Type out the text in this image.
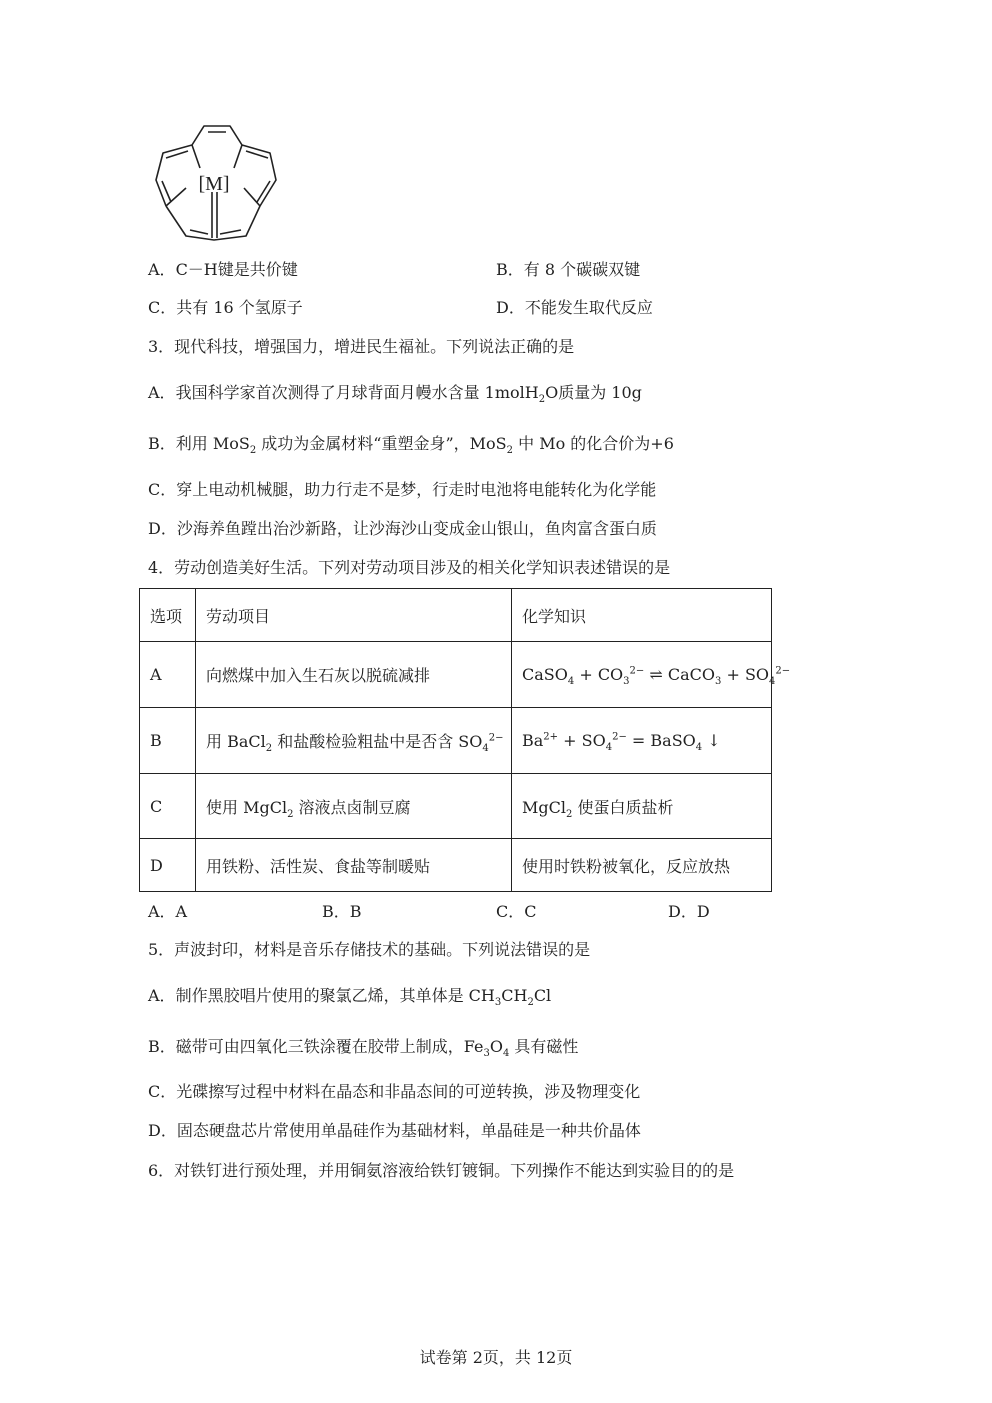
[M]
A．C－H键是共价键	B．有 8 个碳碳双键
C．共有 16 个氢原子	D．不能发生取代反应
3．现代科技，增强国力，增进民生福祉。下列说法正确的是
A．我国科学家首次测得了月球背面月幔水含量 1molH$_2$O质量为 10g
B．利用 MoS$_2$ 成功为金属材料“重塑金身”，MoS$_2$ 中 Mo 的化合价为+6
C．穿上电动机械腿，助力行走不是梦，行走时电池将电能转化为化学能
D．沙海养鱼蹚出治沙新路，让沙海沙山变成金山银山，鱼肉富含蛋白质
4．劳动创造美好生活。下列对劳动项目涉及的相关化学知识表述错误的是
选项	劳动项目	化学知识
A	向燃煤中加入生石灰以脱硫减排	CaSO$_4$ + $CO_3^{2-}$ ⇌ CaCO$_3$ + $SO_4^{2-}$
B	用 BaCl$_2$ 和盐酸检验粗盐中是否含 $SO_4^{2-}$	$Ba^{2+} + SO_4^{2-}$ = BaSO$_4$ ↓
C	使用 MgCl$_2$ 溶液点卤制豆腐	MgCl$_2$ 使蛋白质盐析
D	用铁粉、活性炭、食盐等制暖贴	使用时铁粉被氧化，反应放热
A．A	B．B	C．C	D．D
5．声波封印，材料是音乐存储技术的基础。下列说法错误的是
A．制作黑胶唱片使用的聚氯乙烯，其单体是 $CH_3CH_2Cl$
B．磁带可由四氧化三铁涂覆在胶带上制成，$Fe_3O_4$ 具有磁性
C．光碟擦写过程中材料在晶态和非晶态间的可逆转换，涉及物理变化
D．固态硬盘芯片常使用单晶硅作为基础材料，单晶硅是一种共价晶体
6．对铁钉进行预处理，并用铜氨溶液给铁钉镀铜。下列操作不能达到实验目的的是
试卷第 2页，共 12页
